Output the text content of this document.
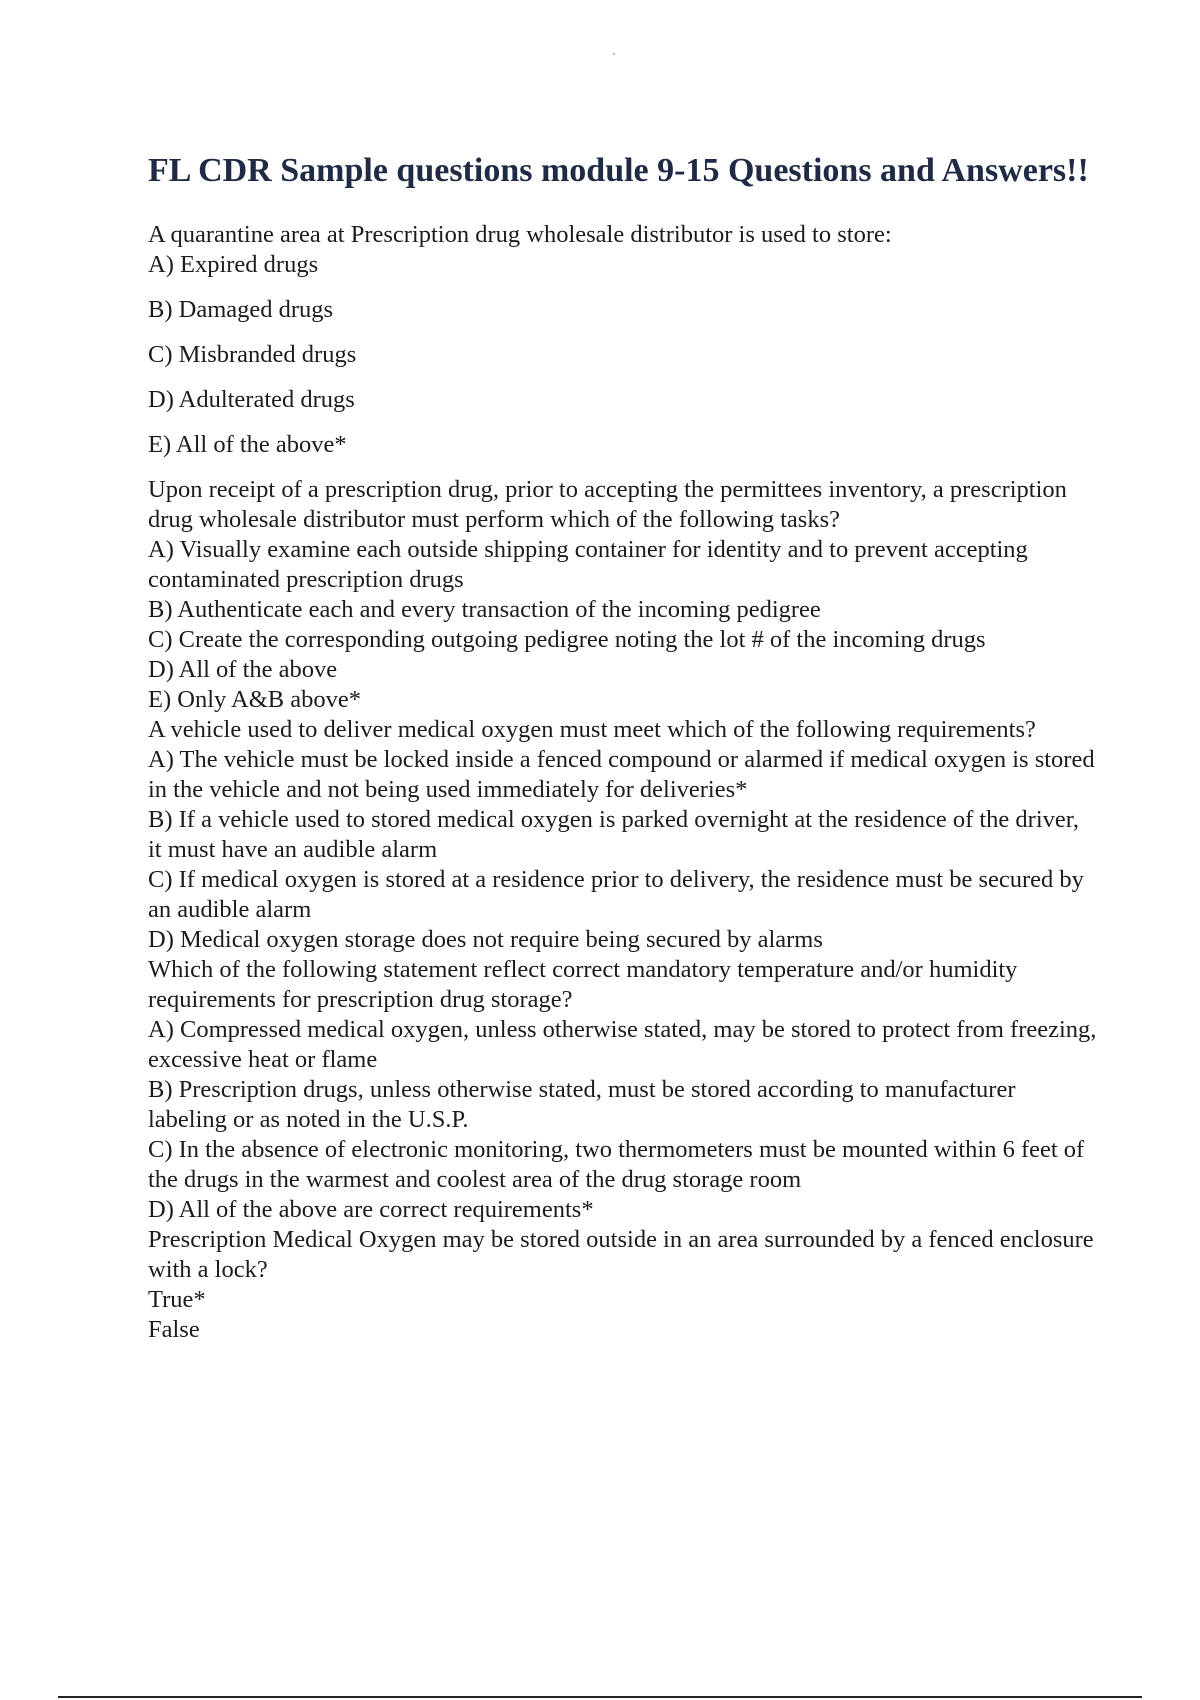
FL CDR Sample questions module 9-15 Questions and Answers!!

A quarantine area at Prescription drug wholesale distributor is used to store:

A) Expired drugs

B) Damaged drugs

C) Misbranded drugs

D) Adulterated drugs

E) All of the above*

Upon receipt of a prescription drug, prior to accepting the permittees inventory, a prescription drug wholesale distributor must perform which of the following tasks?

A) Visually examine each outside shipping container for identity and to prevent accepting contaminated prescription drugs

B) Authenticate each and every transaction of the incoming pedigree

C) Create the corresponding outgoing pedigree noting the lot # of the incoming drugs

D) All of the above

E) Only A&B above*

A vehicle used to deliver medical oxygen must meet which of the following requirements?

A) The vehicle must be locked inside a fenced compound or alarmed if medical oxygen is stored in the vehicle and not being used immediately for deliveries*

B) If a vehicle used to stored medical oxygen is parked overnight at the residence of the driver, it must have an audible alarm

C) If medical oxygen is stored at a residence prior to delivery, the residence must be secured by an audible alarm

D) Medical oxygen storage does not require being secured by alarms

Which of the following statement reflect correct mandatory temperature and/or humidity requirements for prescription drug storage?

A) Compressed medical oxygen, unless otherwise stated, may be stored to protect from freezing, excessive heat or flame

B) Prescription drugs, unless otherwise stated, must be stored according to manufacturer labeling or as noted in the U.S.P.

C) In the absence of electronic monitoring, two thermometers must be mounted within 6 feet of the drugs in the warmest and coolest area of the drug storage room

D) All of the above are correct requirements*

Prescription Medical Oxygen may be stored outside in an area surrounded by a fenced enclosure with a lock?

True*

False
